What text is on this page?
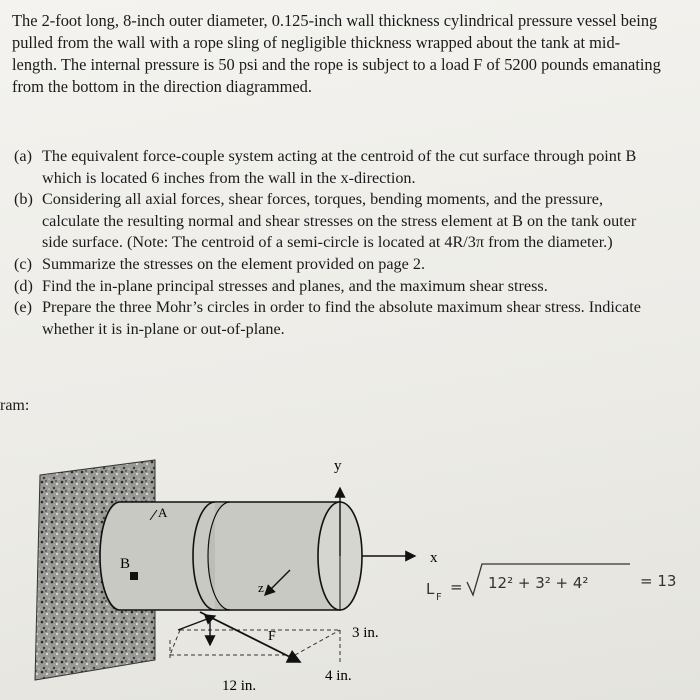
The 2-foot long, 8-inch outer diameter, 0.125-inch wall thickness cylindrical pressure vessel being pulled from the wall with a rope sling of negligible thickness wrapped about the tank at mid-length. The internal pressure is 50 psi and the rope is subject to a load F of 5200 pounds emanating from the bottom in the direction diagrammed.

(a) The equivalent force-couple system acting at the centroid of the cut surface through point B which is located 6 inches from the wall in the x-direction.
(b) Considering all axial forces, shear forces, torques, bending moments, and the pressure, calculate the resulting normal and shear stresses on the stress element at B on the tank outer side surface. (Note: The centroid of a semi-circle is located at 4R/3π from the diameter.)
(c) Summarize the stresses on the element provided on page 2.
(d) Find the in-plane principal stresses and planes, and the maximum shear stress.
(e) Prepare the three Mohr’s circles in order to find the absolute maximum shear stress. Indicate whether it is in-plane or out-of-plane.
ram:
B
A
y
x
z
F	3 in.
4 in.
12 in.
L F
= 12² + 3² + 4²	= 13
